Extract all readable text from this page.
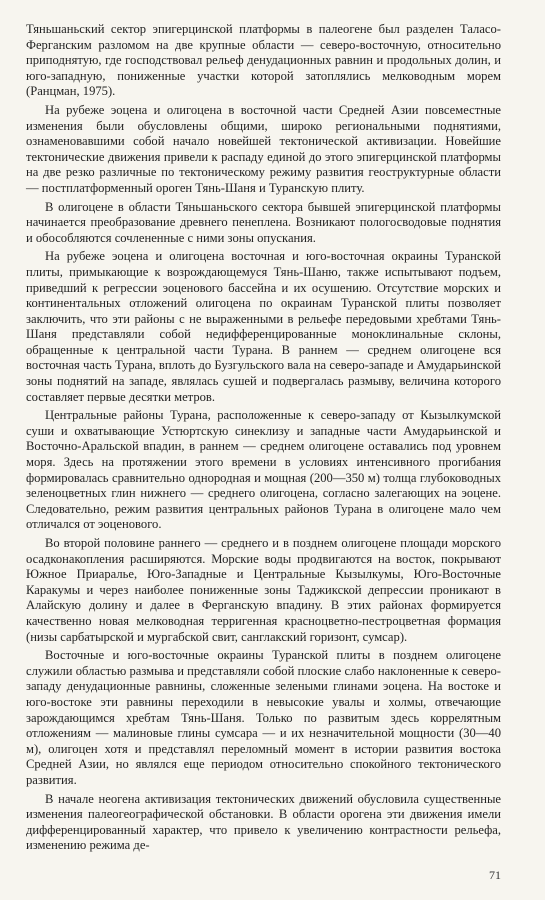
Тяньшаньский сектор эпигерцинской платформы в палеогене был разделен Таласо-Ферганским разломом на две крупные области — северо-восточную, относительно приподнятую, где господствовал рельеф денудационных равнин и продольных долин, и юго-западную, пониженные участки которой затоплялись мелководным морем (Ранцман, 1975).

На рубеже эоцена и олигоцена в восточной части Средней Азии повсеместные изменения были обусловлены общими, широко региональными поднятиями, ознаменовавшими собой начало новейшей тектонической активизации. Новейшие тектонические движения привели к распаду единой до этого эпигерцинской платформы на две резко различные по тектоническому режиму развития геоструктурные области — постплатформенный ороген Тянь-Шаня и Туранскую плиту.

В олигоцене в области Тяньшаньского сектора бывшей эпигерцинской платформы начинается преобразование древнего пенеплена. Возникают пологосводовые поднятия и обособляются сочлененные с ними зоны опускания.

На рубеже эоцена и олигоцена восточная и юго-восточная окраины Туранской плиты, примыкающие к возрождающемуся Тянь-Шаню, также испытывают подъем, приведший к регрессии эоценового бассейна и их осушению. Отсутствие морских и континентальных отложений олигоцена по окраинам Туранской плиты позволяет заключить, что эти районы с не выраженными в рельефе передовыми хребтами Тянь-Шаня представляли собой недифференцированные моноклинальные склоны, обращенные к центральной части Турана. В раннем — среднем олигоцене вся восточная часть Турана, вплоть до Бузгульского вала на северо-западе и Амударьинской зоны поднятий на западе, являлась сушей и подвергалась размыву, величина которого составляет первые десятки метров.

Центральные районы Турана, расположенные к северо-западу от Кызылкумской суши и охватывающие Устюртскую синеклизу и западные части Амударьинской и Восточно-Аральской впадин, в раннем — среднем олигоцене оставались под уровнем моря. Здесь на протяжении этого времени в условиях интенсивного прогибания формировалась сравнительно однородная и мощная (200—350 м) толща глубоководных зеленоцветных глин нижнего — среднего олигоцена, согласно залегающих на эоцене. Следовательно, режим развития центральных районов Турана в олигоцене мало чем отличался от эоценового.

Во второй половине раннего — среднего и в позднем олигоцене площади морского осадконакопления расширяются. Морские воды продвигаются на восток, покрывают Южное Приаралье, Юго-Западные и Центральные Кызылкумы, Юго-Восточные Каракумы и через наиболее пониженные зоны Таджикской депрессии проникают в Алайскую долину и далее в Ферганскую впадину. В этих районах формируется качественно новая мелководная терригенная красноцветно-пестроцветная формация (низы сарбатырской и мургабской свит, санглакский горизонт, сумсар).

Восточные и юго-восточные окраины Туранской плиты в позднем олигоцене служили областью размыва и представляли собой плоские слабо наклоненные к северо-западу денудационные равнины, сложенные зелеными глинами эоцена. На востоке и юго-востоке эти равнины переходили в невысокие увалы и холмы, отвечающие зарождающимся хребтам Тянь-Шаня. Только по развитым здесь коррелятным отложениям — малиновые глины сумсара — и их незначительной мощности (30—40 м), олигоцен хотя и представлял переломный момент в истории развития востока Средней Азии, но являлся еще периодом относительно спокойного тектонического развития.

В начале неогена активизация тектонических движений обусловила существенные изменения палеогеографической обстановки. В области орогена эти движения имели дифференцированный характер, что привело к увеличению контрастности рельефа, изменению режима де-

71
